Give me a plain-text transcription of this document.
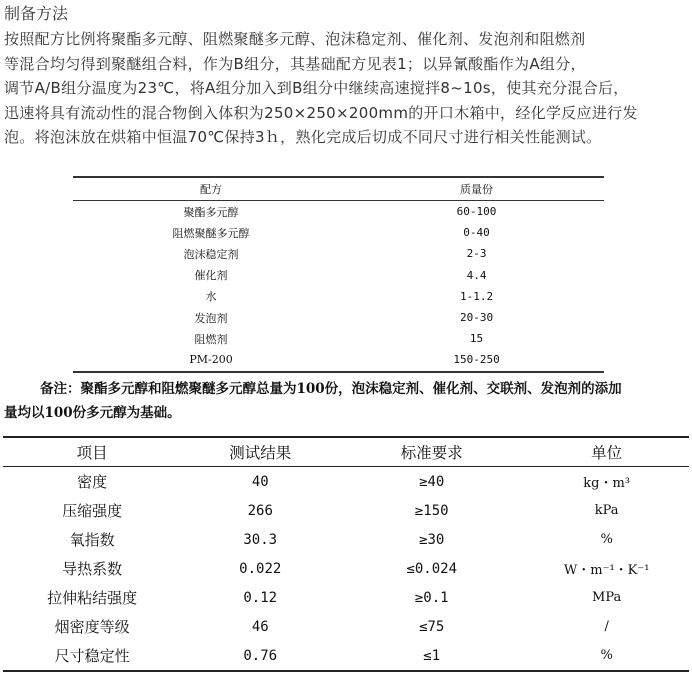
制备方法
按照配方比例将聚酯多元醇、阻燃聚醚多元醇、泡沫稳定剂、催化剂、发泡剂和阻燃剂
等混合均匀得到聚醚组合料，作为B组分，其基础配方见表1；以异氰酸酯作为A组分，
调节A/B组分温度为23℃，将A组分加入到B组分中继续高速搅拌8~10s，使其充分混合后，
迅速将具有流动性的混合物倒入体积为250×250×200mm的开口木箱中，经化学反应进行发
泡。将泡沫放在烘箱中恒温70℃保持3ｈ，熟化完成后切成不同尺寸进行相关性能测试。
配方	质量份
聚酯多元醇	60-100
阻燃聚醚多元醇	0-40
泡沫稳定剂	2-3
催化剂	4.4
水	1-1.2
发泡剂	20-30
阻燃剂	15
PM-200	150-250
备注：聚酯多元醇和阻燃聚醚多元醇总量为100份，泡沫稳定剂、催化剂、交联剂、发泡剂的添加
量均以100份多元醇为基础。
项目	测试结果	标准要求	单位
密度	40	≥40	kg・m³
压缩强度	266	≥150	kPa
氧指数	30.3	≥30	%
导热系数	0.022	≤0.024	W・m⁻¹・K⁻¹
拉伸粘结强度	0.12	≥0.1	MPa
烟密度等级	46	≤75	/
尺寸稳定性	0.76	≤1	%
